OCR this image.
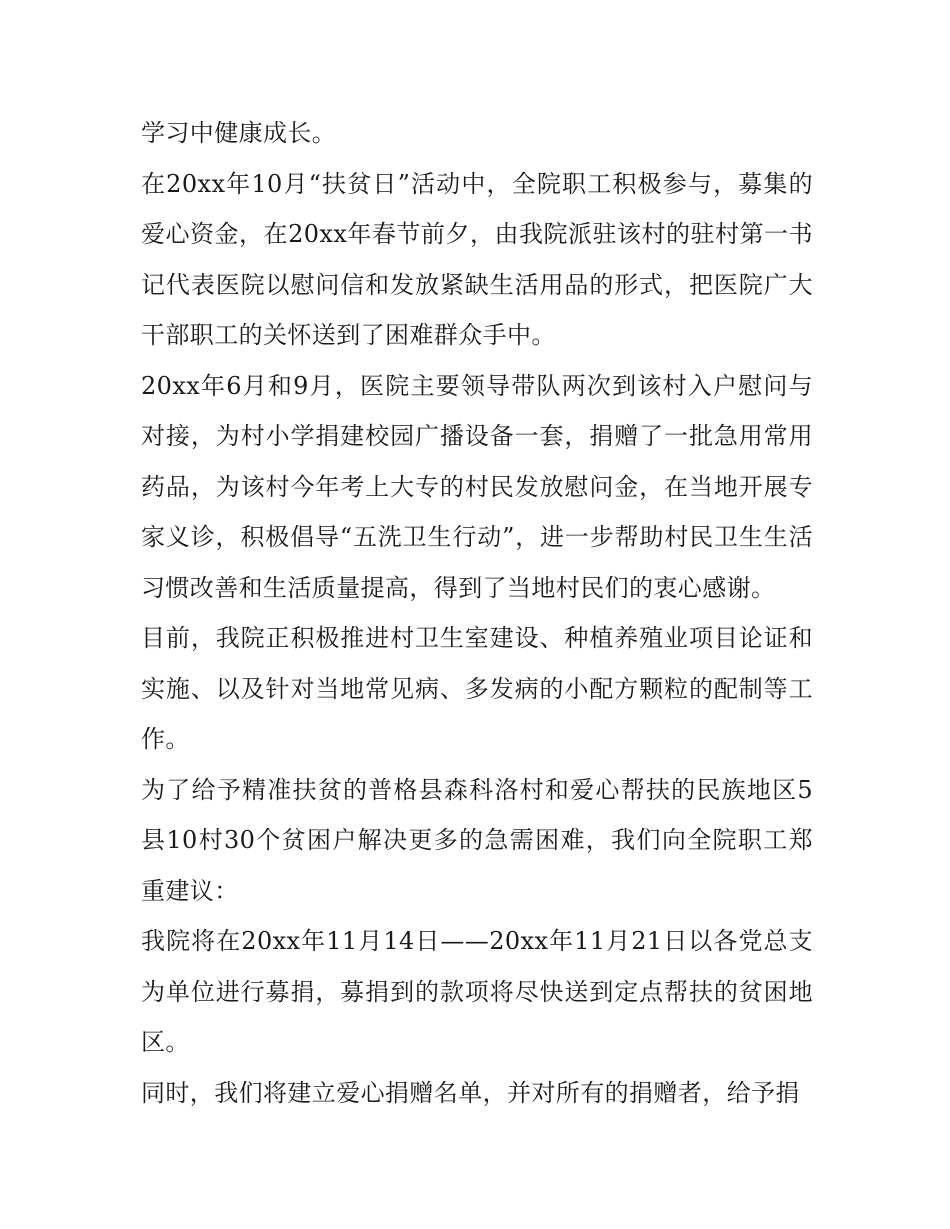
学习中健康成长。

在20xx年10月“扶贫日”活动中，全院职工积极参与，募集的爱心资金，在20xx年春节前夕，由我院派驻该村的驻村第一书记代表医院以慰问信和发放紧缺生活用品的形式，把医院广大干部职工的关怀送到了困难群众手中。

20xx年6月和9月，医院主要领导带队两次到该村入户慰问与对接，为村小学捐建校园广播设备一套，捐赠了一批急用常用药品，为该村今年考上大专的村民发放慰问金，在当地开展专家义诊，积极倡导“五洗卫生行动”，进一步帮助村民卫生生活习惯改善和生活质量提高，得到了当地村民们的衷心感谢。

目前，我院正积极推进村卫生室建设、种植养殖业项目论证和实施、以及针对当地常见病、多发病的小配方颗粒的配制等工作。

为了给予精准扶贫的普格县森科洛村和爱心帮扶的民族地区5县10村30个贫困户解决更多的急需困难，我们向全院职工郑重建议：

我院将在20xx年11月14日——20xx年11月21日以各党总支为单位进行募捐，募捐到的款项将尽快送到定点帮扶的贫困地区。

同时，我们将建立爱心捐赠名单，并对所有的捐赠者，给予捐
